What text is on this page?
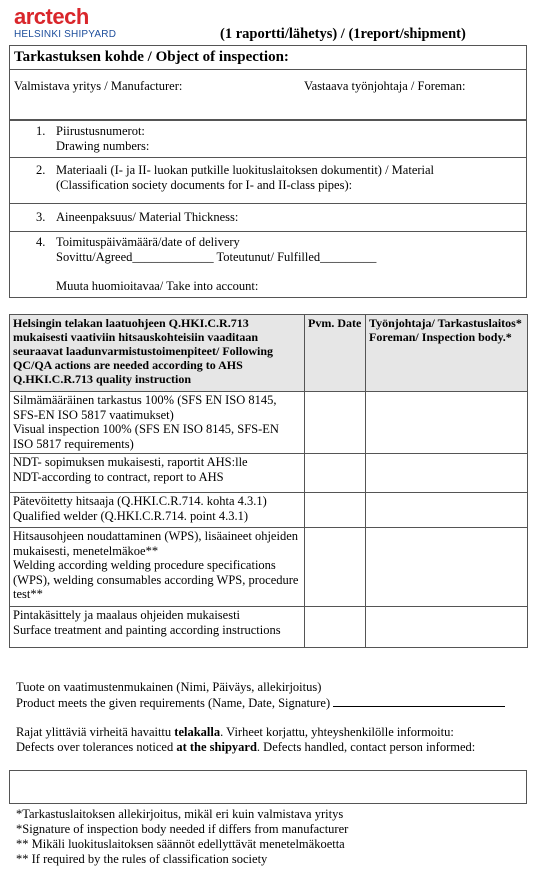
arctech
HELSINKI SHIPYARD	(1 raportti/lähetys) / (1report/shipment)
Tarkastuksen kohde / Object of inspection:
Valmistava yritys / Manufacturer:	Vastaava työnjohtaja / Foreman:
1. Piirustusnumerot:
Drawing numbers:
2. Materiaali (I- ja II- luokan putkille luokituslaitoksen dokumentit) / Material
(Classification society documents for I- and II-class pipes):
3. Aineenpaksuus/ Material Thickness:
4. Toimituspäivämäärä/date of delivery
Sovittu/Agreed_____________ Toteutunut/ Fulfilled_________
Muuta huomioitavaa/ Take into account:
Helsingin telakan laatuohjeen Q.HKI.C.R.713 mukaisesti vaativiin hitsauskohteisiin vaaditaan seuraavat laadunvarmistustoimenpiteet/ Following QC/QA actions are needed according to AHS Q.HKI.C.R.713 quality instruction	Pvm. Date	Työnjohtaja/ Tarkastuslaitos* Foreman/ Inspection body.*
Silmämääräinen tarkastus 100% (SFS EN ISO 8145, SFS-EN ISO 5817 vaatimukset)
Visual inspection 100% (SFS EN ISO 8145, SFS-EN ISO 5817 requirements)		
NDT- sopimuksen mukaisesti, raportit AHS:lle
NDT-according to contract, report to AHS		
Pätevöitetty hitsaaja (Q.HKI.C.R.714. kohta 4.3.1)
Qualified welder (Q.HKI.C.R.714. point 4.3.1)		
Hitsausohjeen noudattaminen (WPS), lisäaineet ohjeiden mukaisesti, menetelmäkoe**
Welding according welding procedure specifications (WPS), welding consumables according WPS, procedure test**		
Pintakäsittely ja maalaus ohjeiden mukaisesti
Surface treatment and painting according instructions		
Tuote on vaatimustenmukainen (Nimi, Päiväys, allekirjoitus)
Product meets the given requirements (Name, Date, Signature)
Rajat ylittäviä virheitä havaittu telakalla. Virheet korjattu, yhteyshenkilölle informoitu:
Defects over tolerances noticed at the shipyard. Defects handled, contact person informed:
*Tarkastuslaitoksen allekirjoitus, mikäl eri kuin valmistava yritys
*Signature of inspection body needed if differs from manufacturer
** Mikäli luokituslaitoksen säännöt edellyttävät menetelmäkoetta
** If required by the rules of classification society
